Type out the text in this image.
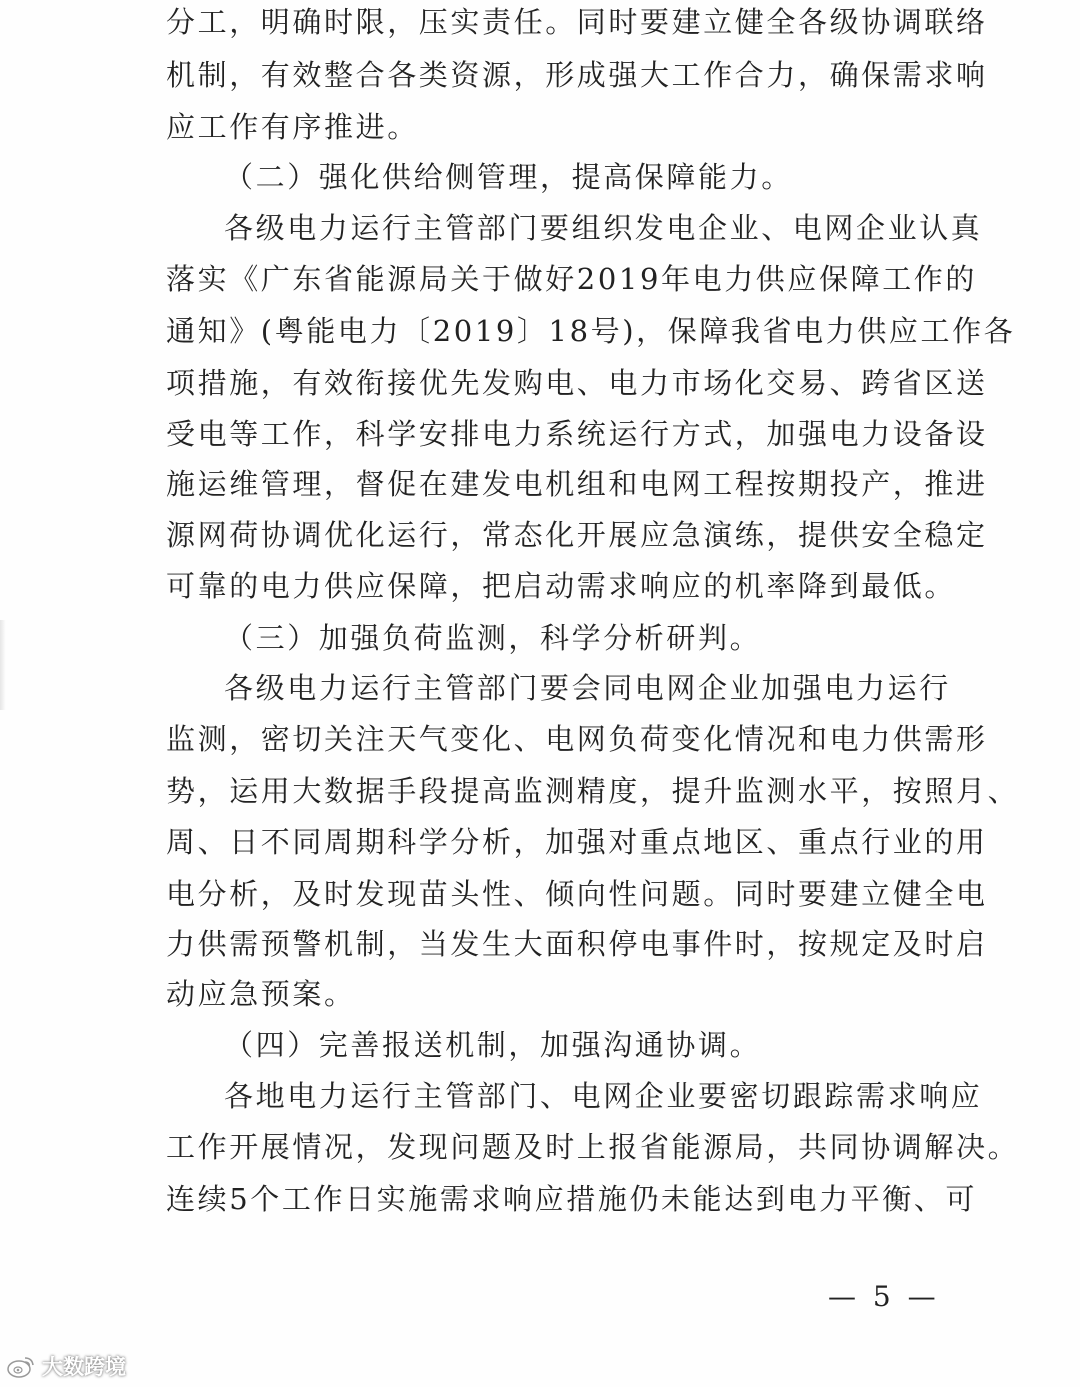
分工，明确时限，压实责任。同时要建立健全各级协调联络
机制，有效整合各类资源，形成强大工作合力，确保需求响
应工作有序推进。
（二）强化供给侧管理，提高保障能力。
各级电力运行主管部门要组织发电企业、电网企业认真
落实《广东省能源局关于做好2019年电力供应保障工作的
通知》(粤能电力〔2019〕18号)，保障我省电力供应工作各
项措施，有效衔接优先发购电、电力市场化交易、跨省区送
受电等工作，科学安排电力系统运行方式，加强电力设备设
施运维管理，督促在建发电机组和电网工程按期投产，推进
源网荷协调优化运行，常态化开展应急演练，提供安全稳定
可靠的电力供应保障，把启动需求响应的机率降到最低。
（三）加强负荷监测，科学分析研判。
各级电力运行主管部门要会同电网企业加强电力运行
监测，密切关注天气变化、电网负荷变化情况和电力供需形
势，运用大数据手段提高监测精度，提升监测水平，按照月、
周、日不同周期科学分析，加强对重点地区、重点行业的用
电分析，及时发现苗头性、倾向性问题。同时要建立健全电
力供需预警机制，当发生大面积停电事件时，按规定及时启
动应急预案。
（四）完善报送机制，加强沟通协调。
各地电力运行主管部门、电网企业要密切跟踪需求响应
工作开展情况，发现问题及时上报省能源局，共同协调解决。
连续5个工作日实施需求响应措施仍未能达到电力平衡、可
— 5 —
大数跨境
